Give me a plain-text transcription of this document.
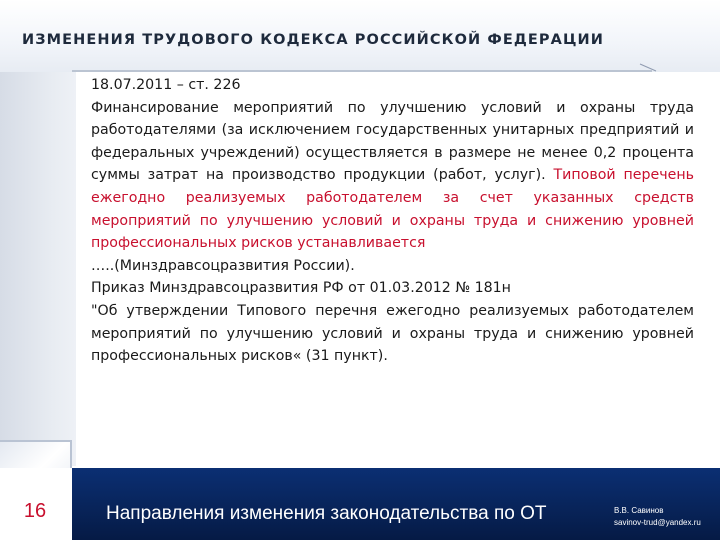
ИЗМЕНЕНИЯ ТРУДОВОГО КОДЕКСА РОССИЙСКОЙ ФЕДЕРАЦИИ

18.07.2011 – ст. 226

Финансирование мероприятий по улучшению условий и охраны труда работодателями (за исключением государственных унитарных предприятий и федеральных учреждений) осуществляется в размере не менее 0,2 процента суммы затрат на производство продукции (работ, услуг). Типовой перечень ежегодно реализуемых работодателем за счет указанных средств мероприятий по улучшению условий и охраны труда и снижению уровней профессиональных рисков устанавливается

…..(Минздравсоцразвития России).

Приказ Минздравсоцразвития РФ от 01.03.2012 № 181н

"Об утверждении Типового перечня ежегодно реализуемых работодателем мероприятий по улучшению условий и охраны труда и снижению уровней профессиональных рисков« (31 пункт).

16	Направления изменения законодательства по ОТ	В.В. Савинов
savinov-trud@yandex.ru
